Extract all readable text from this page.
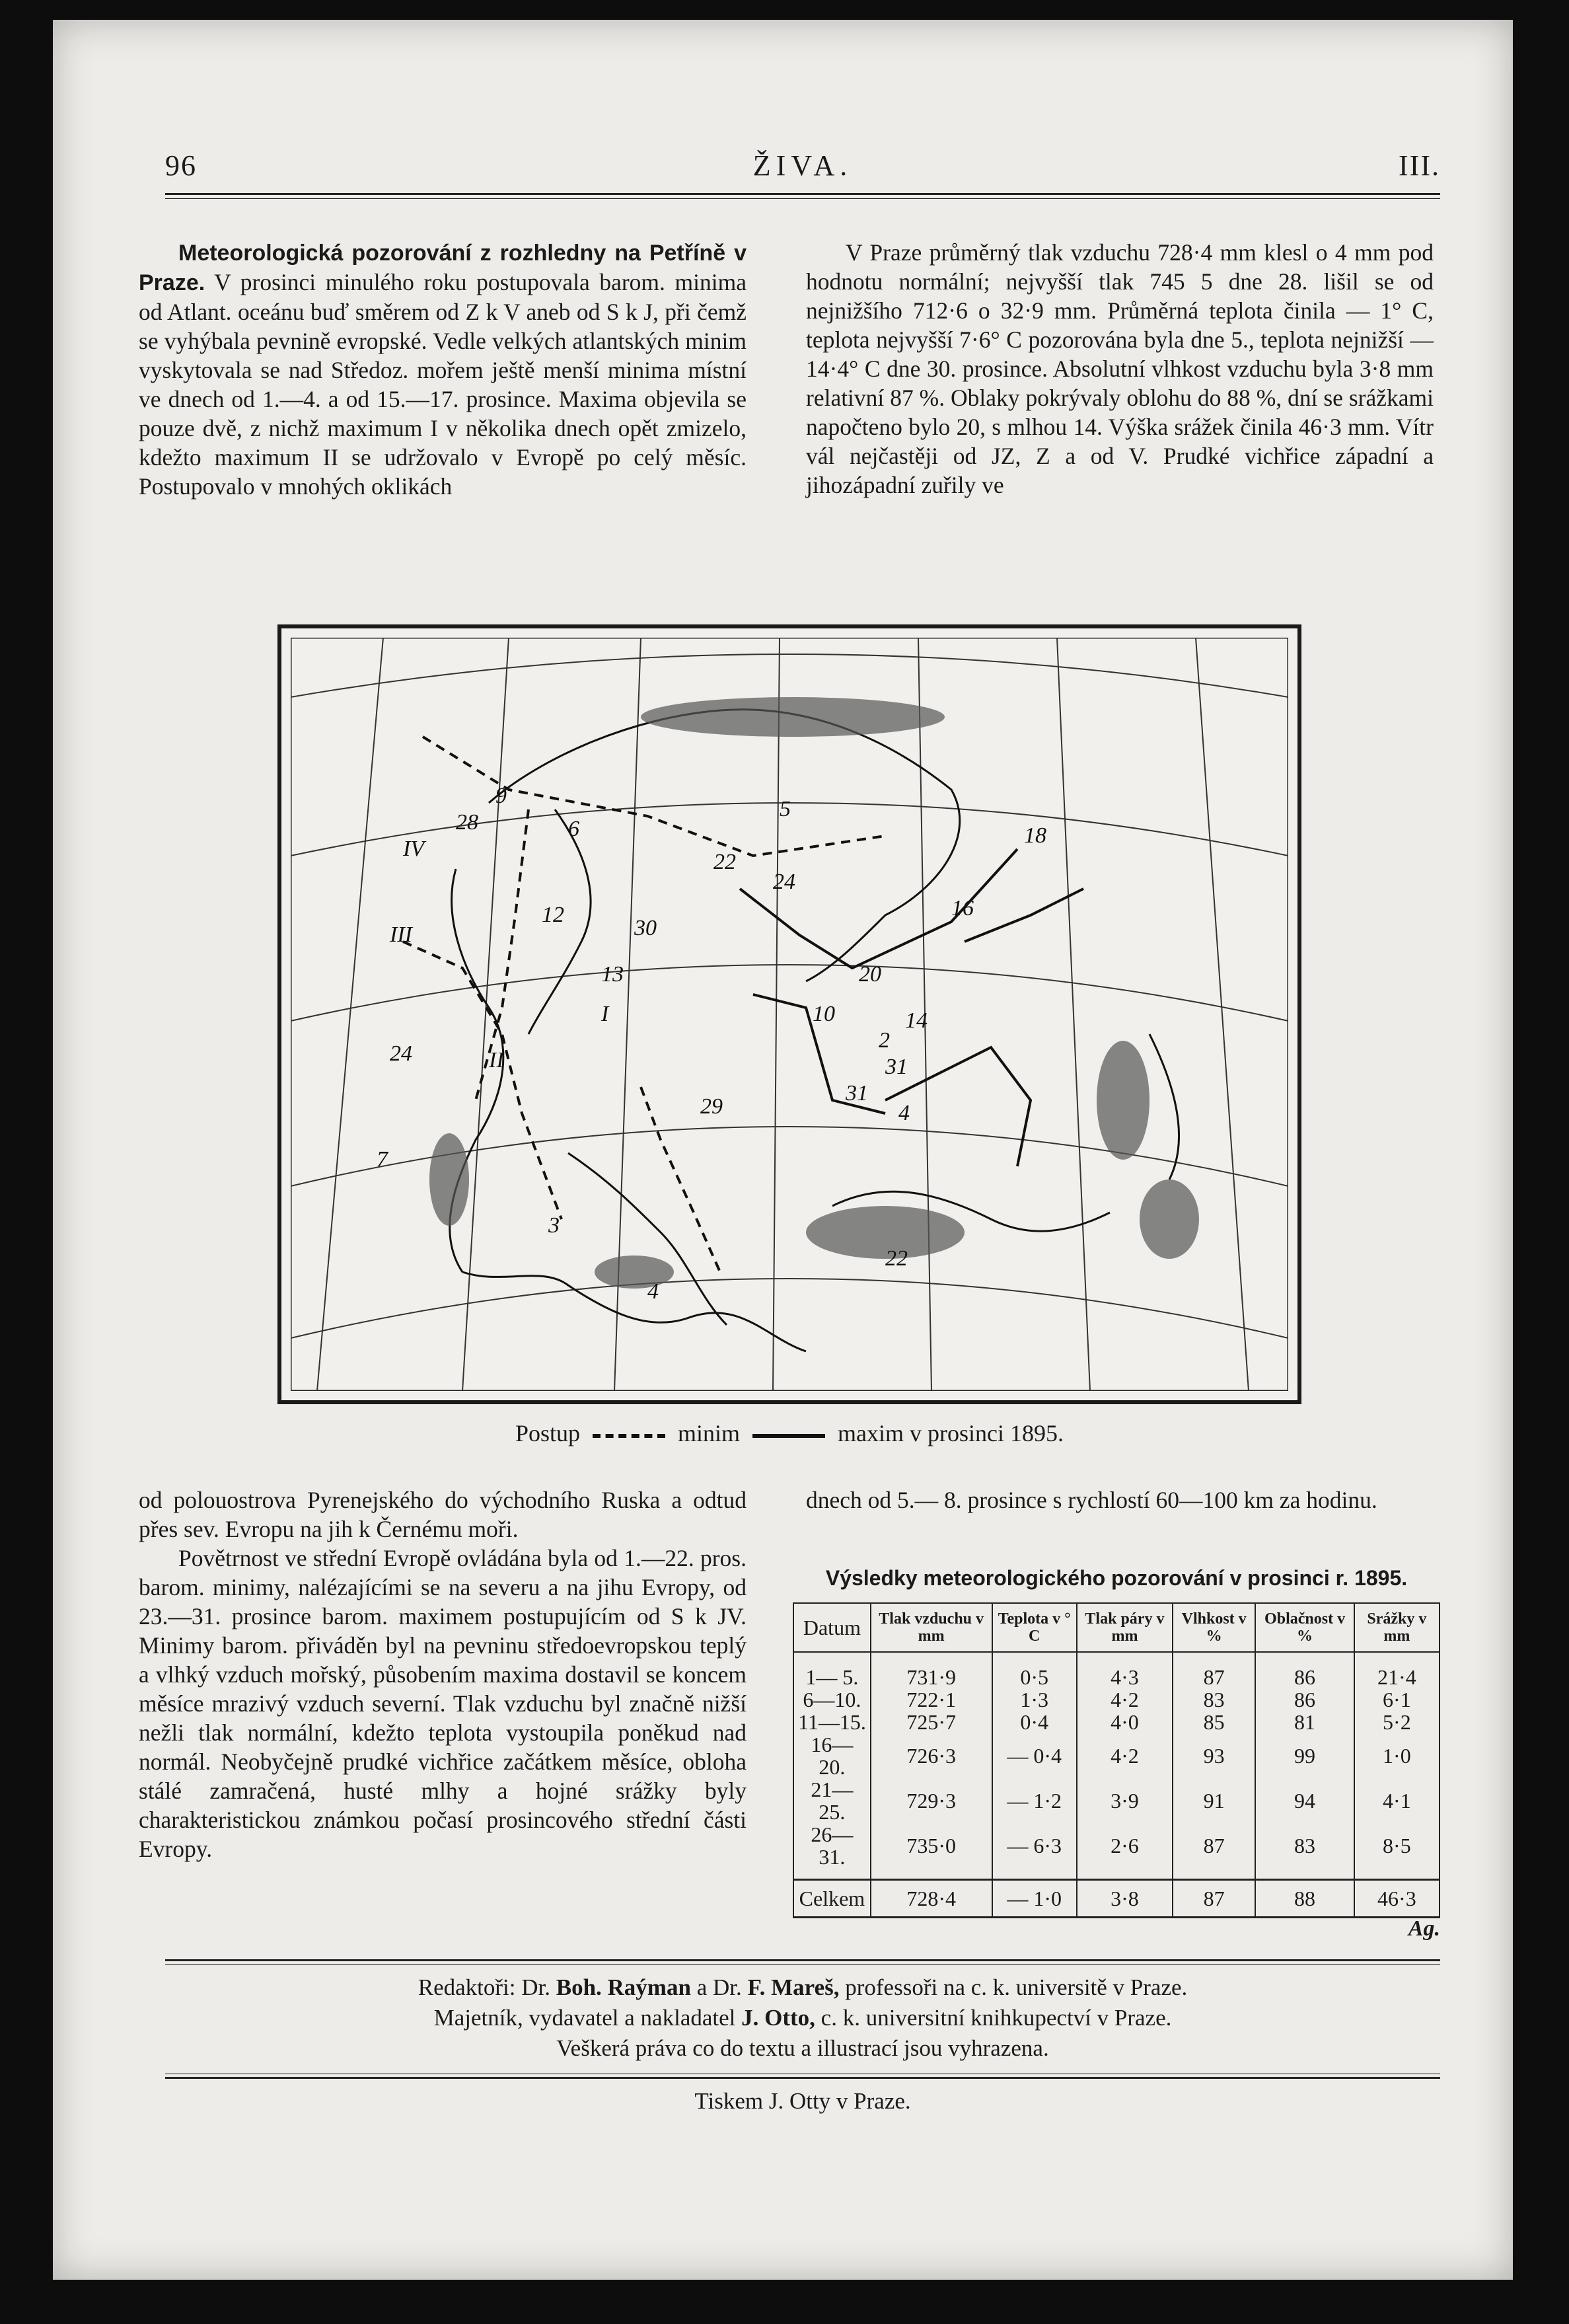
96	ŽIVA.	III.

Meteorologická pozorování z rozhledny na Petříně v Praze. V prosinci minulého roku postupovala barom. minima od Atlant. oceánu buď směrem od Z k V aneb od S k J, při čemž se vyhýbala pevnině evropské. Vedle velkých atlantských minim vyskytovala se nad Středoz. mořem ještě menší minima místní ve dnech od 1.—4. a od 15.—17. prosince. Maxima objevila se pouze dvě, z nichž maximum I v několika dnech opět zmizelo, kdežto maximum II se udržovalo v Evropě po celý měsíc. Postupovalo v mnohých oklikách

V Praze průměrný tlak vzduchu 728·4 mm klesl o 4 mm pod hodnotu normální; nejvyšší tlak 745 5 dne 28. lišil se od nejnižšího 712·6 o 32·9 mm. Průměrná teplota činila — 1° C, teplota nejvyšší 7·6° C pozorována byla dne 5., teplota nejnižší — 14·4° C dne 30. prosince. Absolutní vlhkost vzduchu byla 3·8 mm relativní 87 %. Oblaky pokrývaly oblohu do 88 %, dní se srážkami napočteno bylo 20, s mlhou 14. Výška srážek činila 46·3 mm. Vítr vál nejčastěji od JZ, Z a od V. Prudké vichřice západní a jihozápadní zuřily ve

28
IV
III
24
I
II
7
6
3
4
29
22
24
20
18
16
14
2
31
10
31
4
9
12
13
30
22
5
Postup	minim	maxim v prosinci 1895.

od polouostrova Pyrenejského do východního Ruska a odtud přes sev. Evropu na jih k Černému moři.

Povětrnost ve střední Evropě ovládána byla od 1.—22. pros. barom. minimy, nalézajícími se na severu a na jihu Evropy, od 23.—31. prosince barom. maximem postupujícím od S k JV. Minimy barom. přiváděn byl na pevninu středoevropskou teplý a vlhký vzduch mořský, působením maxima dostavil se koncem měsíce mrazivý vzduch severní. Tlak vzduchu byl značně nižší nežli tlak normální, kdežto teplota vystoupila poněkud nad normál. Neobyčejně prudké vichřice začátkem měsíce, obloha stálé zamračená, husté mlhy a hojné srážky byly charakteristickou známkou počasí prosincového střední části Evropy.

dnech od 5.— 8. prosince s rychlostí 60—100 km za hodinu.

Výsledky meteorologického pozorování v prosinci r. 1895.
Datum	Tlak vzduchu v mm	Teplota v ° C	Tlak páry v mm	Vlhkost v %	Oblačnost v %	Srážky v mm
1— 5.	731·9	0·5	4·3	87	86	21·4
6—10.	722·1	1·3	4·2	83	86	6·1
11—15.	725·7	0·4	4·0	85	81	5·2
16—20.	726·3	— 0·4	4·2	93	99	1·0
21—25.	729·3	— 1·2	3·9	91	94	4·1
26—31.	735·0	— 6·3	2·6	87	83	8·5
Celkem	728·4	— 1·0	3·8	87	88	46·3
Ag.
Redaktoři: Dr. Boh. Raýman a Dr. F. Mareš, professoři na c. k. universitě v Praze.
Majetník, vydavatel a nakladatel J. Otto, c. k. universitní knihkupectví v Praze.
Veškerá práva co do textu a illustrací jsou vyhrazena.
Tiskem J. Otty v Praze.
